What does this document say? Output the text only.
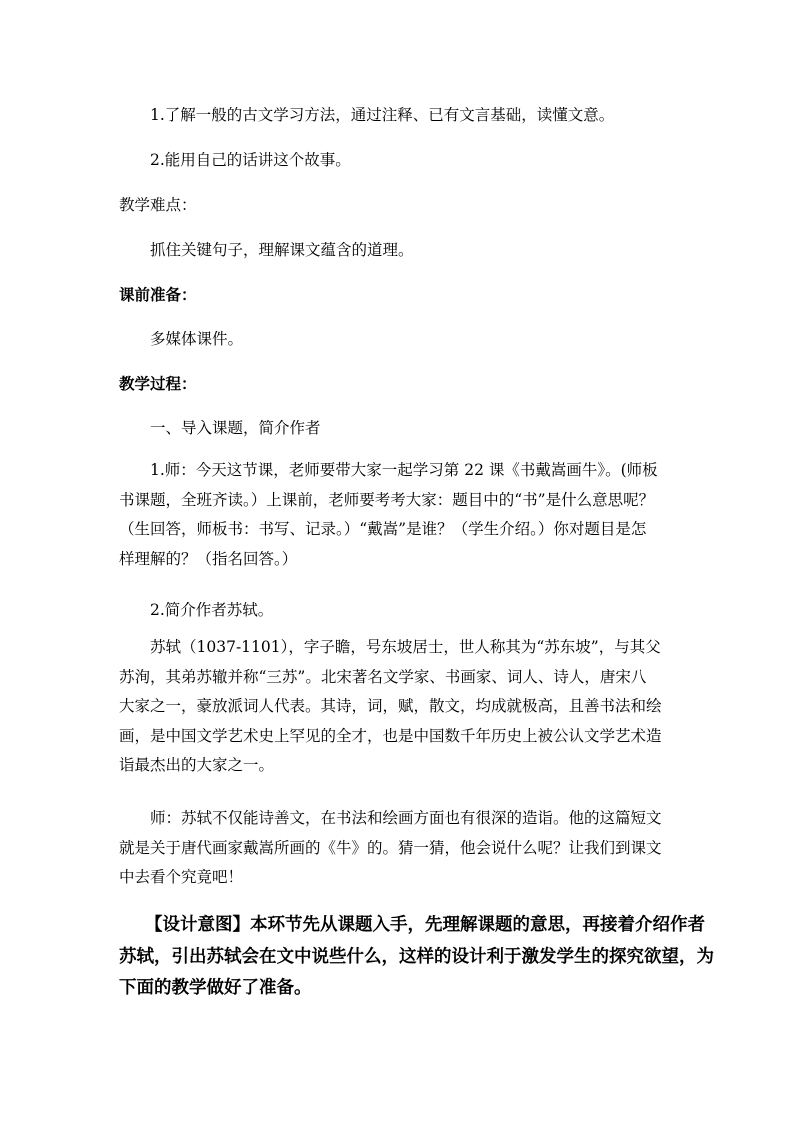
1.了解一般的古文学习方法，通过注释、已有文言基础，读懂文意。

2.能用自己的话讲这个故事。

教学难点：

抓住关键句子，理解课文蕴含的道理。

课前准备：

多媒体课件。

教学过程：

一、导入课题，简介作者

1.师：今天这节课，老师要带大家一起学习第 22 课《书戴嵩画牛》。(师板
书课题，全班齐读。）上课前，老师要考考大家：题目中的“书”是什么意思呢？
（生回答，师板书：书写、记录。）“戴嵩”是谁？（学生介绍。）你对题目是怎
样理解的？（指名回答。）

2.简介作者苏轼。

苏轼（1037-1101），字子瞻，号东坡居士，世人称其为“苏东坡”，与其父
苏洵，其弟苏辙并称“三苏”。北宋著名文学家、书画家、词人、诗人，唐宋八
大家之一，豪放派词人代表。其诗，词，赋，散文，均成就极高，且善书法和绘
画，是中国文学艺术史上罕见的全才，也是中国数千年历史上被公认文学艺术造
诣最杰出的大家之一。
师：苏轼不仅能诗善文，在书法和绘画方面也有很深的造诣。他的这篇短文
就是关于唐代画家戴嵩所画的《牛》的。猜一猜，他会说什么呢？让我们到课文
中去看个究竟吧！
【设计意图】本环节先从课题入手，先理解课题的意思，再接着介绍作者
苏轼，引出苏轼会在文中说些什么，这样的设计利于激发学生的探究欲望，为
下面的教学做好了准备。
